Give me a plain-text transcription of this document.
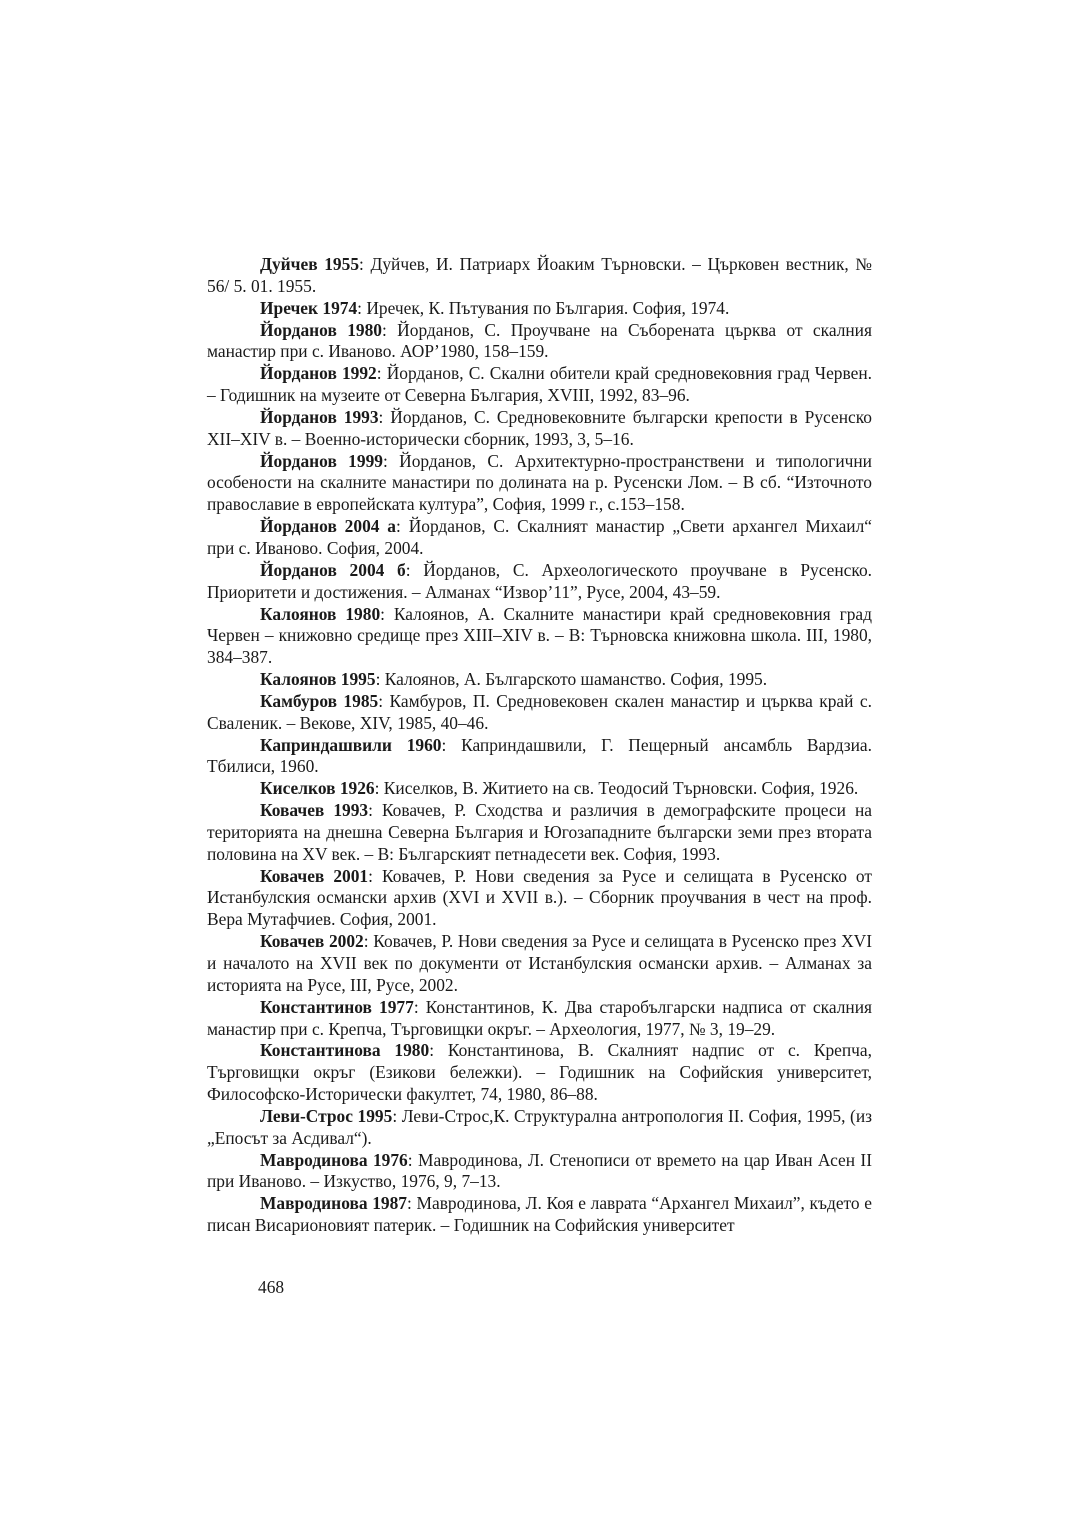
Дуйчев 1955: Дуйчев, И. Патриарх Йоаким Търновски. – Църковен вестник, № 56/ 5. 01. 1955.

Иречек 1974: Иречек, К. Пътувания по България. София, 1974.

Йорданов 1980: Йорданов, С. Проучване на Съборената църква от скалния манастир при с. Иваново. АОР’1980, 158–159.

Йорданов 1992: Йорданов, С. Скални обители край средновековния град Червен. – Годишник на музеите от Северна България, XVIII, 1992, 83–96.

Йорданов 1993: Йорданов, С. Средновековните български крепости в Русенско XII–XIV в. – Военно-исторически сборник, 1993, 3, 5–16.

Йорданов 1999: Йорданов, С. Архитектурно-пространствени и типологични особености на скалните манастири по долината на р. Русенски Лом. – В сб. “Източното православие в европейската култура”, София, 1999 г., с.153–158.

Йорданов 2004 а: Йорданов, С. Скалният манастир „Свети архангел Михаил“ при с. Иваново. София, 2004.

Йорданов 2004 б: Йорданов, С. Археологическото проучване в Русенско. Приоритети и достижения. – Алманах “Извор’11”, Русе, 2004, 43–59.

Калоянов 1980: Калоянов, А. Скалните манастири край средновековния град Червен – книжовно средище през XIII–XIV в. – В: Търновска книжовна школа. III, 1980, 384–387.

Калоянов 1995: Калоянов, А. Българското шаманство. София, 1995.

Камбуров 1985: Камбуров, П. Средновековен скален манастир и църква край с. Сваленик. – Векове, XIV, 1985, 40–46.

Каприндашвили 1960: Каприндашвили, Г. Пещерный ансамбль Вардзиа. Тбилиси, 1960.

Киселков 1926: Киселков, В. Житието на св. Теодосий Търновски. София, 1926.

Ковачев 1993: Ковачев, Р. Сходства и различия в демографските процеси на територията на днешна Северна България и Югозападните български земи през втората половина на XV век. – В: Българският петнадесети век. София, 1993.

Ковачев 2001: Ковачев, Р. Нови сведения за Русе и селищата в Русенско от Истанбулския османски архив (XVI и XVII в.). – Сборник проучвания в чест на проф. Вера Мутафчиев. София, 2001.

Ковачев 2002: Ковачев, Р. Нови сведения за Русе и селищата в Русенско през XVI и началото на XVII век по документи от Истанбулския османски архив. – Алманах за историята на Русе, III, Русе, 2002.

Константинов 1977: Константинов, К. Два старобългарски надписа от скалния манастир при с. Крепча, Търговищки окръг. – Археология, 1977, № 3, 19–29.

Константинова 1980: Константинова, В. Скалният надпис от с. Крепча, Търговищки окръг (Езикови бележки). – Годишник на Софийския университет, Философско-Исторически факултет, 74, 1980, 86–88.

Леви-Строс 1995: Леви-Строс,К. Структурална антропология II. София, 1995, (из „Епосът за Асдивал“).

Мавродинова 1976: Мавродинова, Л. Стенописи от времето на цар Иван Асен II при Иваново. – Изкуство, 1976, 9, 7–13.

Мавродинова 1987: Мавродинова, Л. Коя е лаврата “Архангел Михаил”, където е писан Висарионовият патерик. – Годишник на Софийския университет

468
